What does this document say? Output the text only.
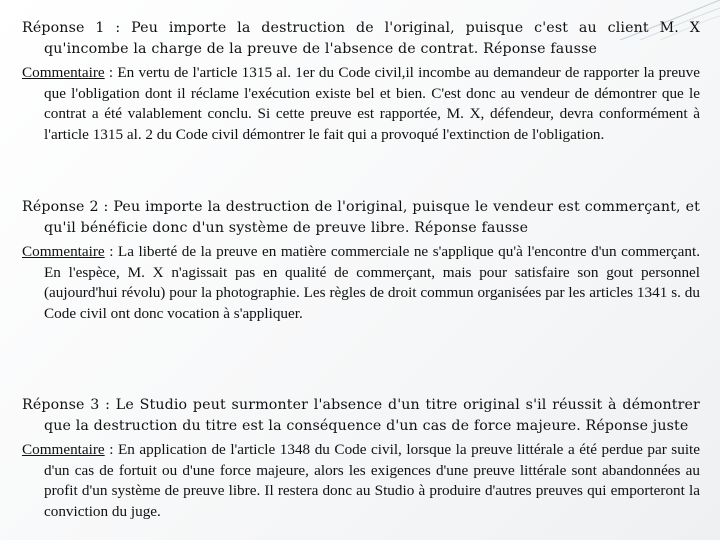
Réponse 1 : Peu importe la destruction de l'original, puisque c'est au client M. X qu'incombe la charge de la preuve de l'absence de contrat. Réponse fausse

Commentaire : En vertu de l'article 1315 al. 1er du Code civil,il incombe au demandeur de rapporter la preuve que l'obligation dont il réclame l'exécution existe bel et bien. C'est donc au vendeur de démontrer que le contrat a été valablement conclu. Si cette preuve est rapportée, M. X, défendeur, devra conformément à l'article 1315 al. 2 du Code civil démontrer le fait qui a provoqué l'extinction de l'obligation.

Réponse 2 : Peu importe la destruction de l'original, puisque le vendeur est commerçant, et qu'il bénéficie donc d'un système de preuve libre. Réponse fausse

Commentaire : La liberté de la preuve en matière commerciale ne s'applique qu'à l'encontre d'un commerçant. En l'espèce, M. X n'agissait pas en qualité de commerçant, mais pour satisfaire son gout personnel (aujourd'hui révolu) pour la photographie. Les règles de droit commun organisées par les articles 1341 s. du Code civil ont donc vocation à s'appliquer.

Réponse 3 : Le Studio peut surmonter l'absence d'un titre original s'il réussit à démontrer que la destruction du titre est la conséquence d'un cas de force majeure. Réponse juste

Commentaire : En application de l'article 1348 du Code civil, lorsque la preuve littérale a été perdue par suite d'un cas de fortuit ou d'une force majeure, alors les exigences d'une preuve littérale sont abandonnées au profit d'un système de preuve libre. Il restera donc au Studio à produire d'autres preuves qui emporteront la conviction du juge.
